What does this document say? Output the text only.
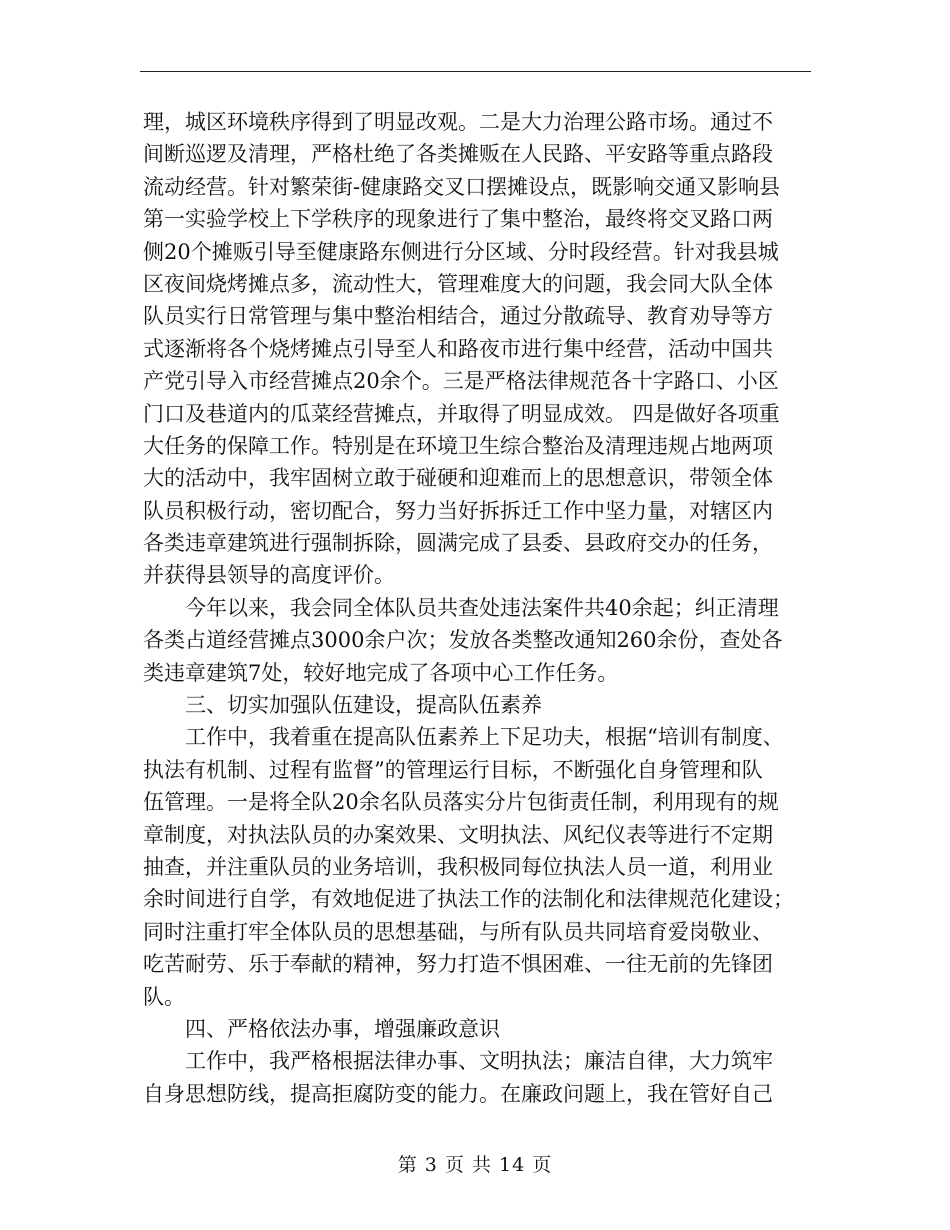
理，城区环境秩序得到了明显改观。二是大力治理公路市场。通过不
间断巡逻及清理，严格杜绝了各类摊贩在人民路、平安路等重点路段
流动经营。针对繁荣街-健康路交叉口摆摊设点，既影响交通又影响县
第一实验学校上下学秩序的现象进行了集中整治，最终将交叉路口两
侧20个摊贩引导至健康路东侧进行分区域、分时段经营。针对我县城
区夜间烧烤摊点多，流动性大，管理难度大的问题，我会同大队全体
队员实行日常管理与集中整治相结合，通过分散疏导、教育劝导等方
式逐渐将各个烧烤摊点引导至人和路夜市进行集中经营，活动中国共
产党引导入市经营摊点20余个。三是严格法律规范各十字路口、小区
门口及巷道内的瓜菜经营摊点，并取得了明显成效。 四是做好各项重
大任务的保障工作。特别是在环境卫生综合整治及清理违规占地两项
大的活动中，我牢固树立敢于碰硬和迎难而上的思想意识，带领全体
队员积极行动，密切配合，努力当好拆拆迁工作中坚力量，对辖区内
各类违章建筑进行强制拆除，圆满完成了县委、县政府交办的任务，
并获得县领导的高度评价。
　　今年以来，我会同全体队员共查处违法案件共40余起；纠正清理
各类占道经营摊点3000余户次；发放各类整改通知260余份，查处各
类违章建筑7处，较好地完成了各项中心工作任务。
　　三、切实加强队伍建设，提高队伍素养
　　工作中，我着重在提高队伍素养上下足功夫，根据“培训有制度、
执法有机制、过程有监督”的管理运行目标，不断强化自身管理和队
伍管理。一是将全队20余名队员落实分片包街责任制，利用现有的规
章制度，对执法队员的办案效果、文明执法、风纪仪表等进行不定期
抽查，并注重队员的业务培训，我积极同每位执法人员一道，利用业
余时间进行自学，有效地促进了执法工作的法制化和法律规范化建设；
同时注重打牢全体队员的思想基础，与所有队员共同培育爱岗敬业、
吃苦耐劳、乐于奉献的精神，努力打造不惧困难、一往无前的先锋团
队。
　　四、严格依法办事，增强廉政意识
　　工作中，我严格根据法律办事、文明执法；廉洁自律，大力筑牢
自身思想防线，提高拒腐防变的能力。在廉政问题上，我在管好自己
第 3 页 共 14 页
